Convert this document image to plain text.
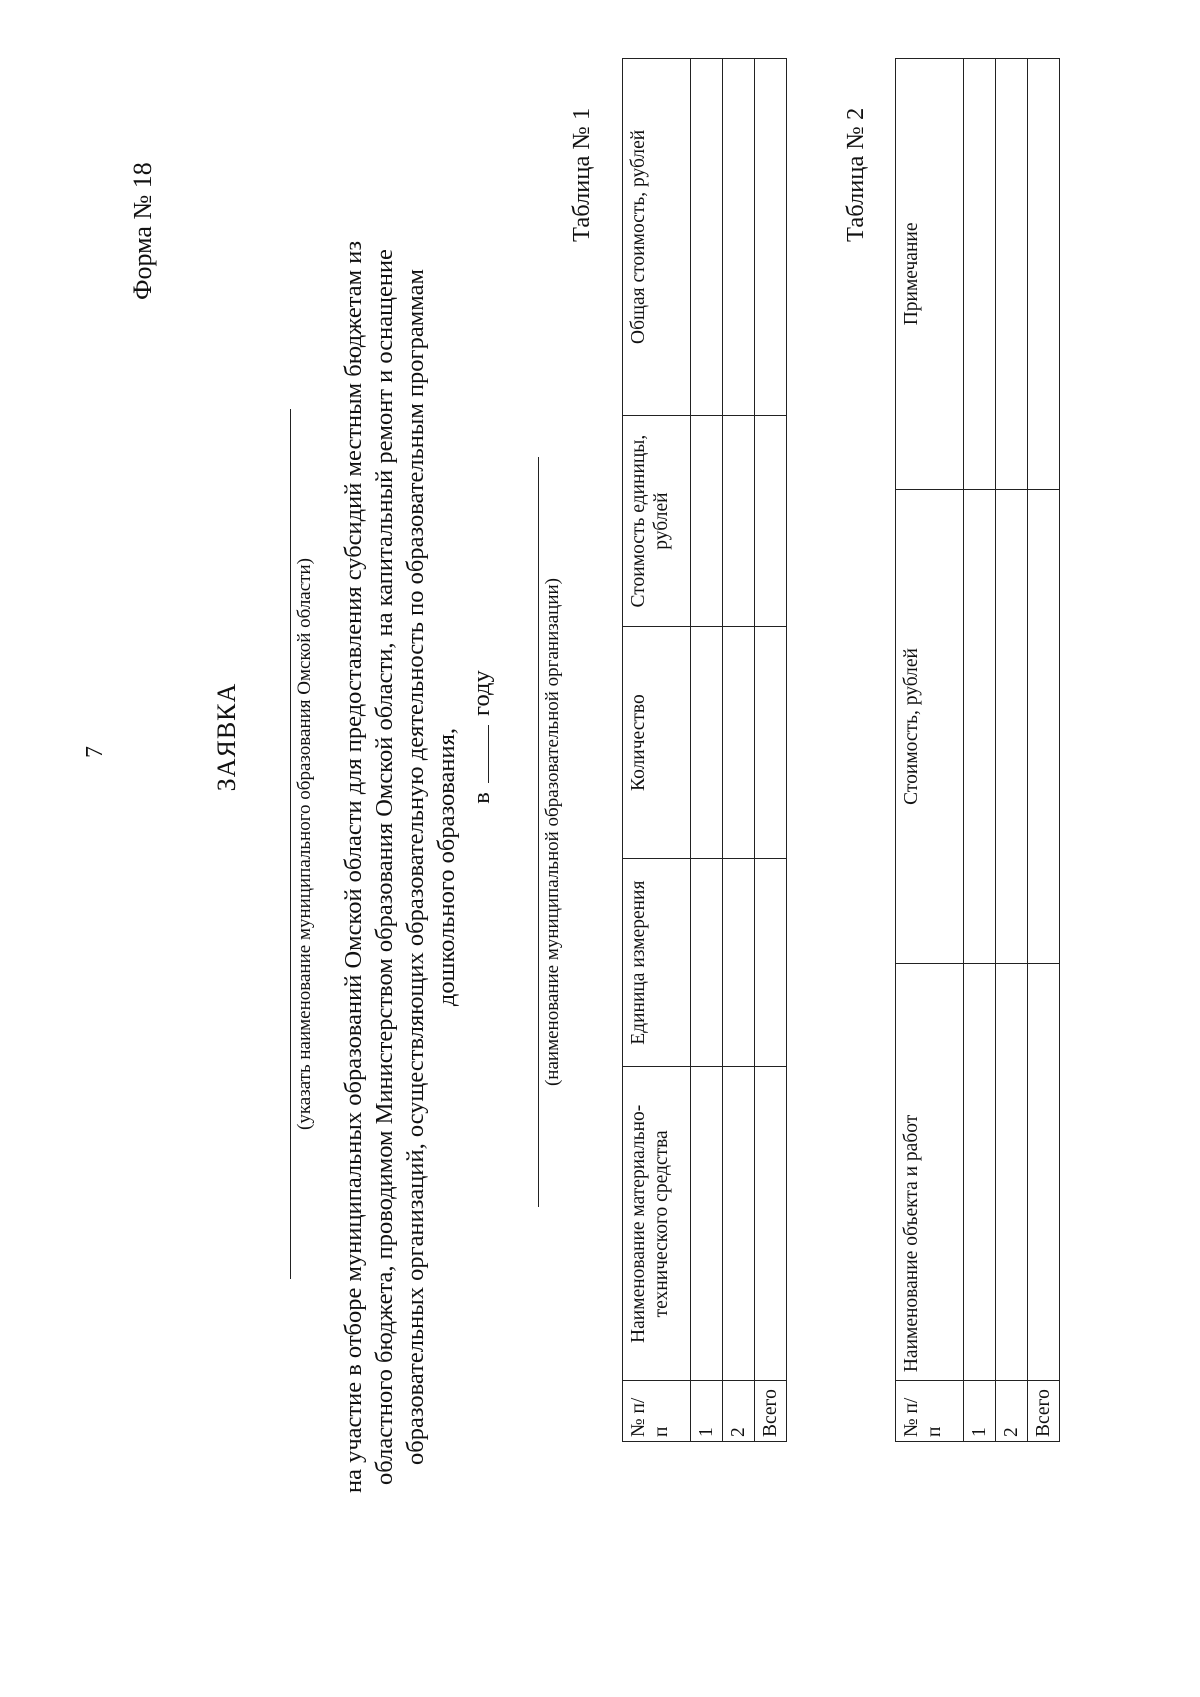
7
Форма № 18
ЗАЯВКА	(указать наименование муниципального образования Омской области) на участие в отборе муниципальных образований Омской области для предоставления субсидий местным бюджетам из областного бюджета, проводимом Министерством образования Омской области, на капитальный ремонт и оснащение образовательных организаций, осуществляющих образовательную деятельность по образовательным программам дошкольного образования, в  году (наименование муниципальной образовательной организации)
Таблица № 1
№ п/п	Наименование материально-технического средства	Единица измерения	Количество	Стоимость единицы, рублей	Общая стоимость, рублей
1					
2					
Всего					
Таблица № 2
№ п/п	Наименование объекта и работ	Стоимость, рублей	Примечание
1			
2			
Всего			
